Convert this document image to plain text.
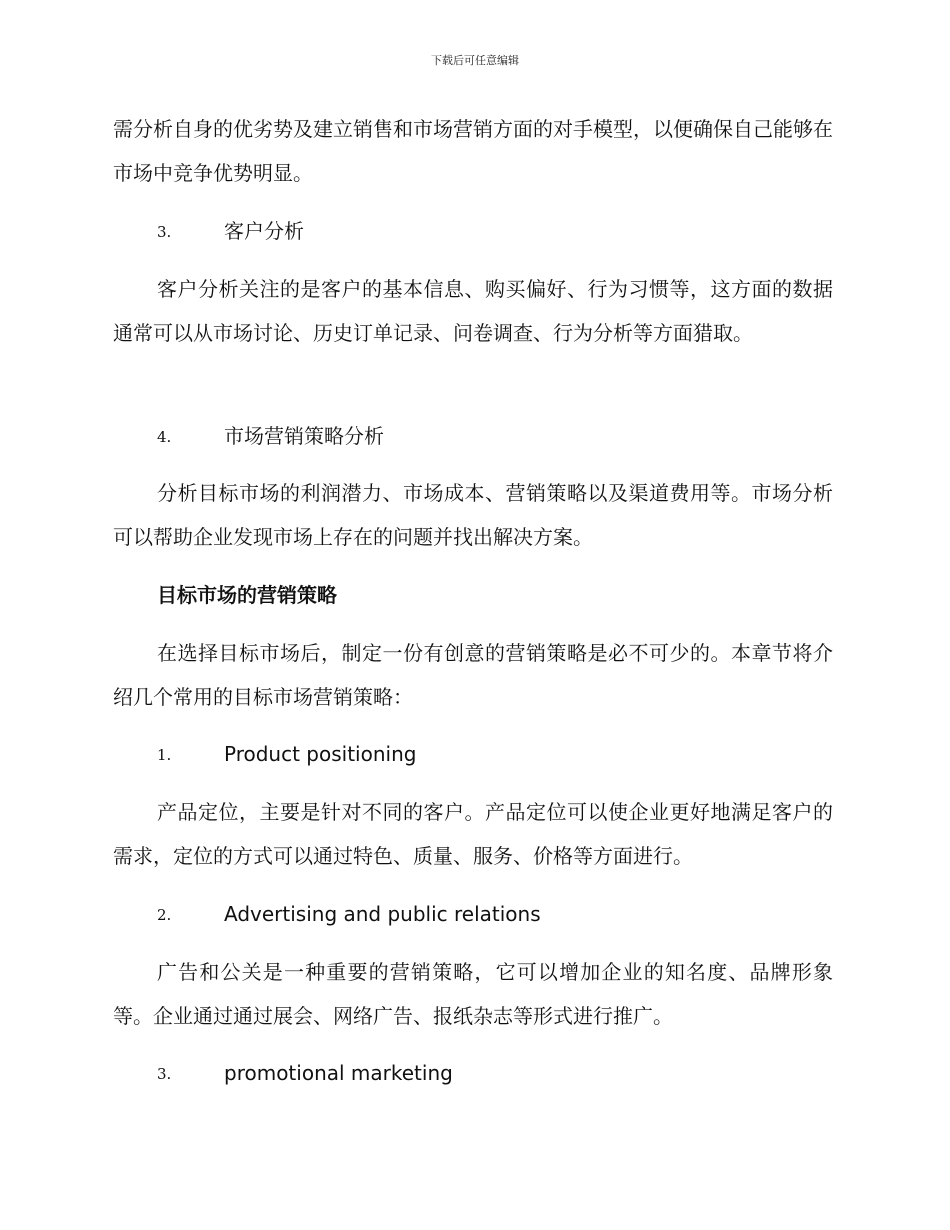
下载后可任意编辑

需分析自身的优劣势及建立销售和市场营销方面的对手模型，以便确保自己能够在市场中竞争优势明显。

3.	客户分析

客户分析关注的是客户的基本信息、购买偏好、行为习惯等，这方面的数据通常可以从市场讨论、历史订单记录、问卷调查、行为分析等方面猎取。

4.	市场营销策略分析

分析目标市场的利润潜力、市场成本、营销策略以及渠道费用等。市场分析可以帮助企业发现市场上存在的问题并找出解决方案。

目标市场的营销策略

在选择目标市场后，制定一份有创意的营销策略是必不可少的。本章节将介绍几个常用的目标市场营销策略：

1.	Product positioning

产品定位，主要是针对不同的客户。产品定位可以使企业更好地满足客户的需求，定位的方式可以通过特色、质量、服务、价格等方面进行。

2.	Advertising and public relations

广告和公关是一种重要的营销策略，它可以增加企业的知名度、品牌形象等。企业通过通过展会、网络广告、报纸杂志等形式进行推广。

3.	promotional marketing
